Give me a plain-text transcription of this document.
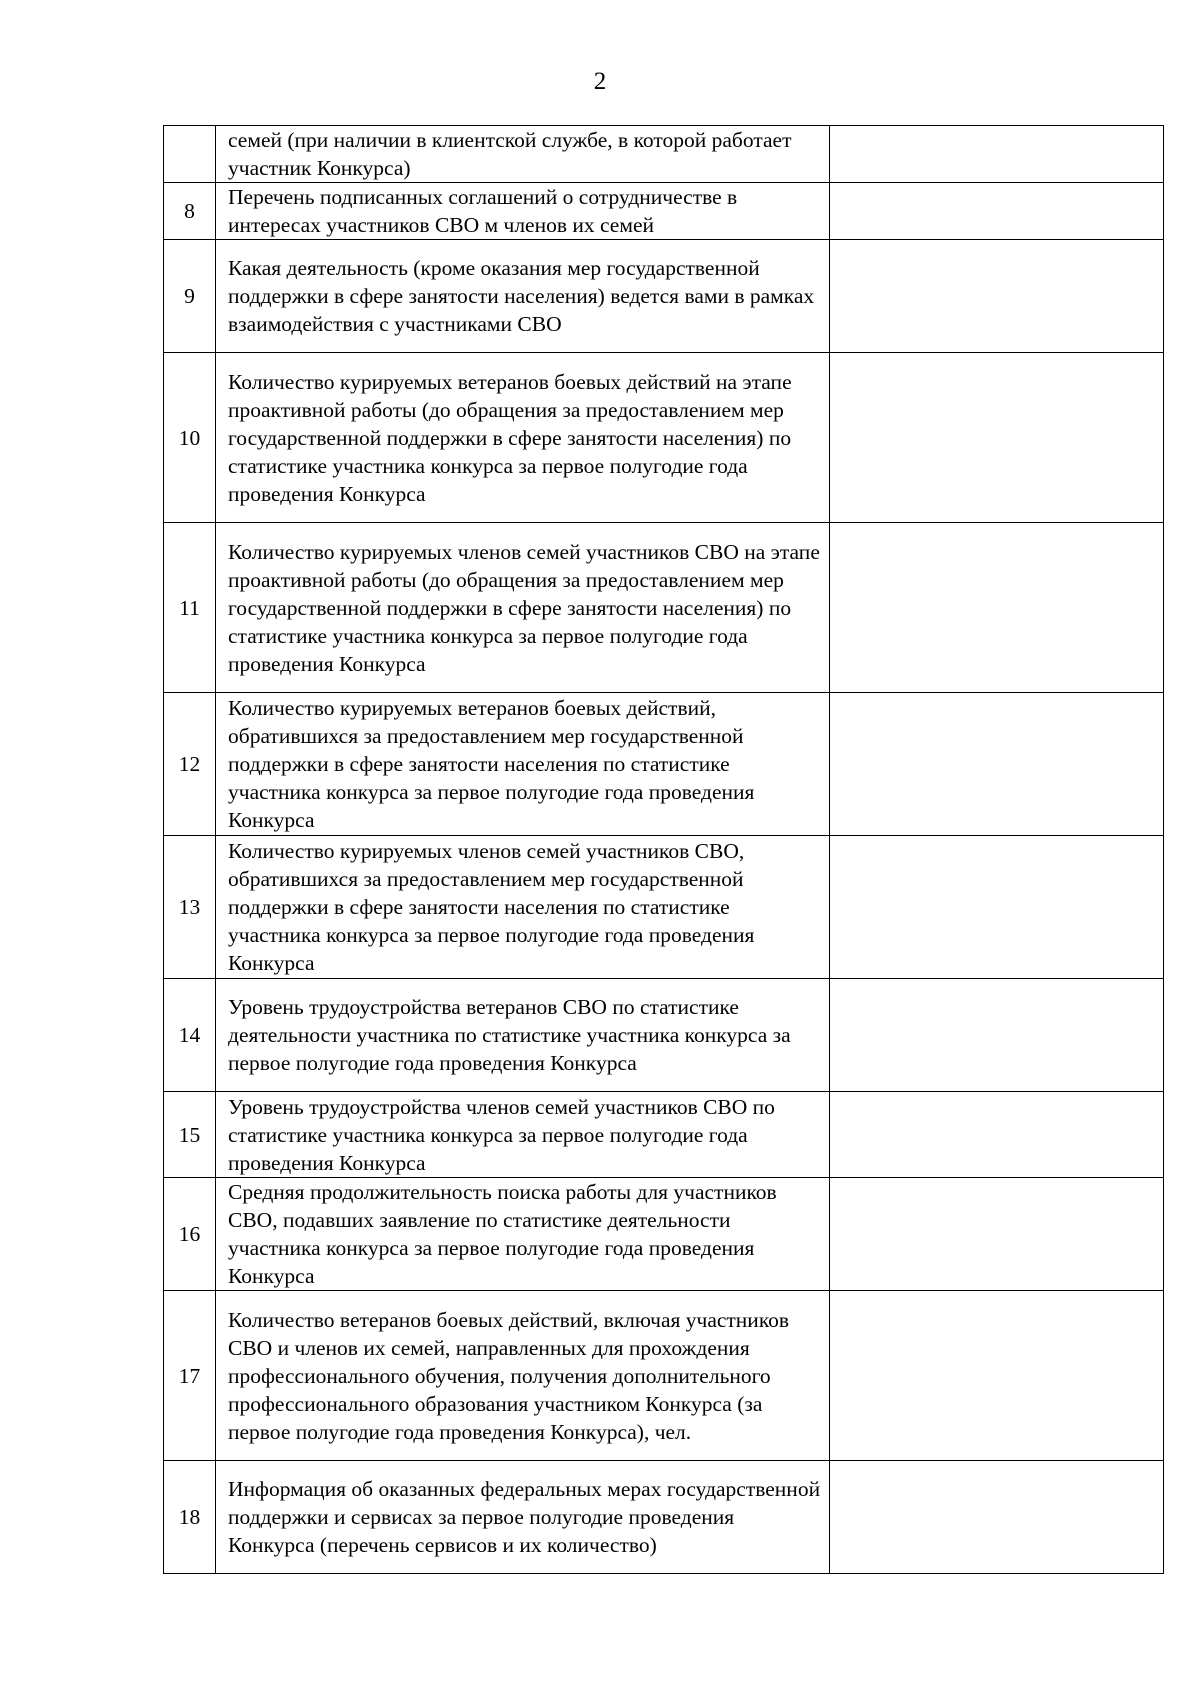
2
	семей (при наличии в клиентской службе, в которой работает участник Конкурса)	
8	Перечень подписанных соглашений о сотрудничестве в интересах участников СВО м членов их семей	
9	Какая деятельность (кроме оказания мер государственной поддержки в сфере занятости населения) ведется вами в рамках взаимодействия с участниками СВО	
10	Количество курируемых ветеранов боевых действий на этапе проактивной работы (до обращения за предоставлением мер государственной поддержки в сфере занятости населения) по статистике участника конкурса за первое полугодие года проведения Конкурса	
11	Количество курируемых членов семей участников СВО на этапе проактивной работы (до обращения за предоставлением мер государственной поддержки в сфере занятости населения) по статистике участника конкурса за первое полугодие года проведения Конкурса	
12	Количество курируемых ветеранов боевых действий, обратившихся за предоставлением мер государственной поддержки в сфере занятости населения по статистике участника конкурса за первое полугодие года проведения Конкурса	
13	Количество курируемых членов семей участников СВО, обратившихся за предоставлением мер государственной поддержки в сфере занятости населения по статистике участника конкурса за первое полугодие года проведения Конкурса	
14	Уровень трудоустройства ветеранов СВО по статистике деятельности участника по статистике участника конкурса за первое полугодие года проведения Конкурса	
15	Уровень трудоустройства членов семей участников СВО по статистике участника конкурса за первое полугодие года проведения Конкурса	
16	Средняя продолжительность поиска работы для участников СВО, подавших заявление по статистике деятельности участника конкурса за первое полугодие года проведения Конкурса	
17	Количество ветеранов боевых действий, включая участников СВО и членов их семей, направленных для прохождения профессионального обучения, получения дополнительного профессионального образования участником Конкурса (за первое полугодие года проведения Конкурса), чел.	
18	Информация об оказанных федеральных мерах государственной поддержки и сервисах за первое полугодие проведения Конкурса (перечень сервисов и их количество)	
